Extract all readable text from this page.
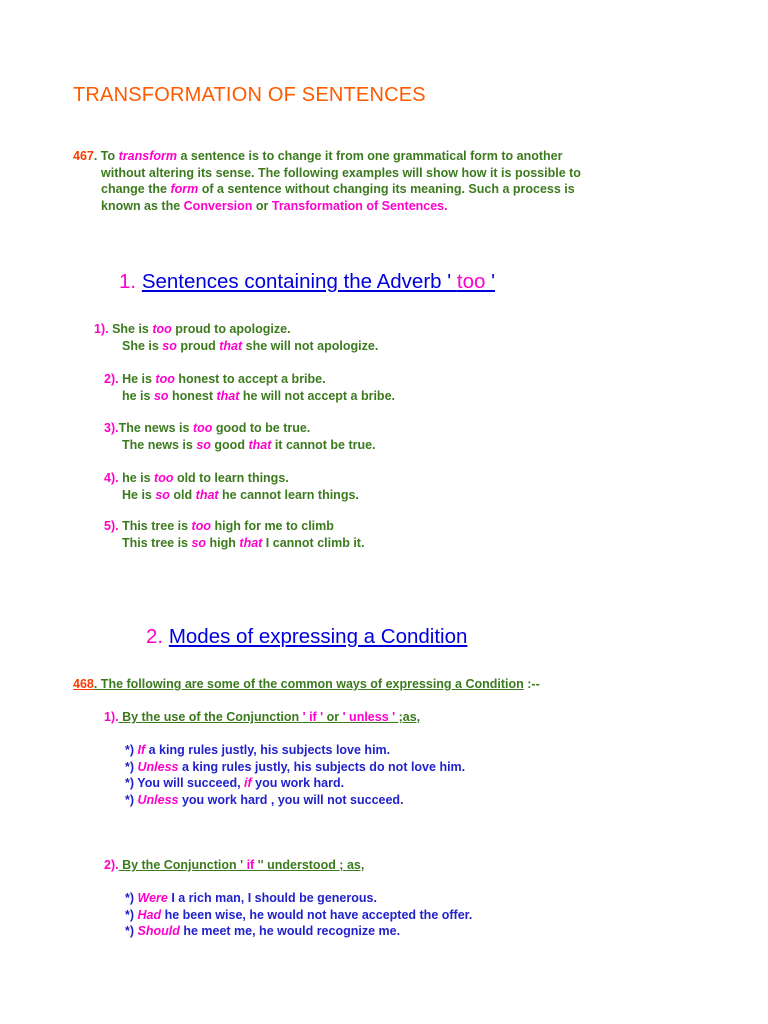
TRANSFORMATION OF SENTENCES
467. To transform a sentence is to change it from one grammatical form to another
without altering its sense. The following examples will show how it is possible to
change the form of a sentence without changing its meaning. Such a process is
known as the Conversion or Transformation of Sentences.
1. Sentences containing the Adverb ' too '
1). She is too proud to apologize.
She is so proud that she will not apologize.
2). He is too honest to accept a bribe.
he is so honest that he will not accept a bribe.
3).The news is too good to be true.
The news is so good that it cannot be true.
4). he is too old to learn things.
He is so old that he cannot learn things.
5). This tree is too high for me to climb
This tree is so high that I cannot climb it.
2. Modes of expressing a Condition
468. The following are some of the common ways of expressing a Condition :--
1). By the use of the Conjunction ' if ' or ' unless ' ;as,
*) If a king rules justly, his subjects love him.
*) Unless a king rules justly, his subjects do not love him.
*) You will succeed, if you work hard.
*) Unless you work hard , you will not succeed.
2). By the Conjunction ' if '' understood ; as,
*) Were I a rich man, I should be generous.
*) Had he been wise, he would not have accepted the offer.
*) Should he meet me, he would recognize me.
